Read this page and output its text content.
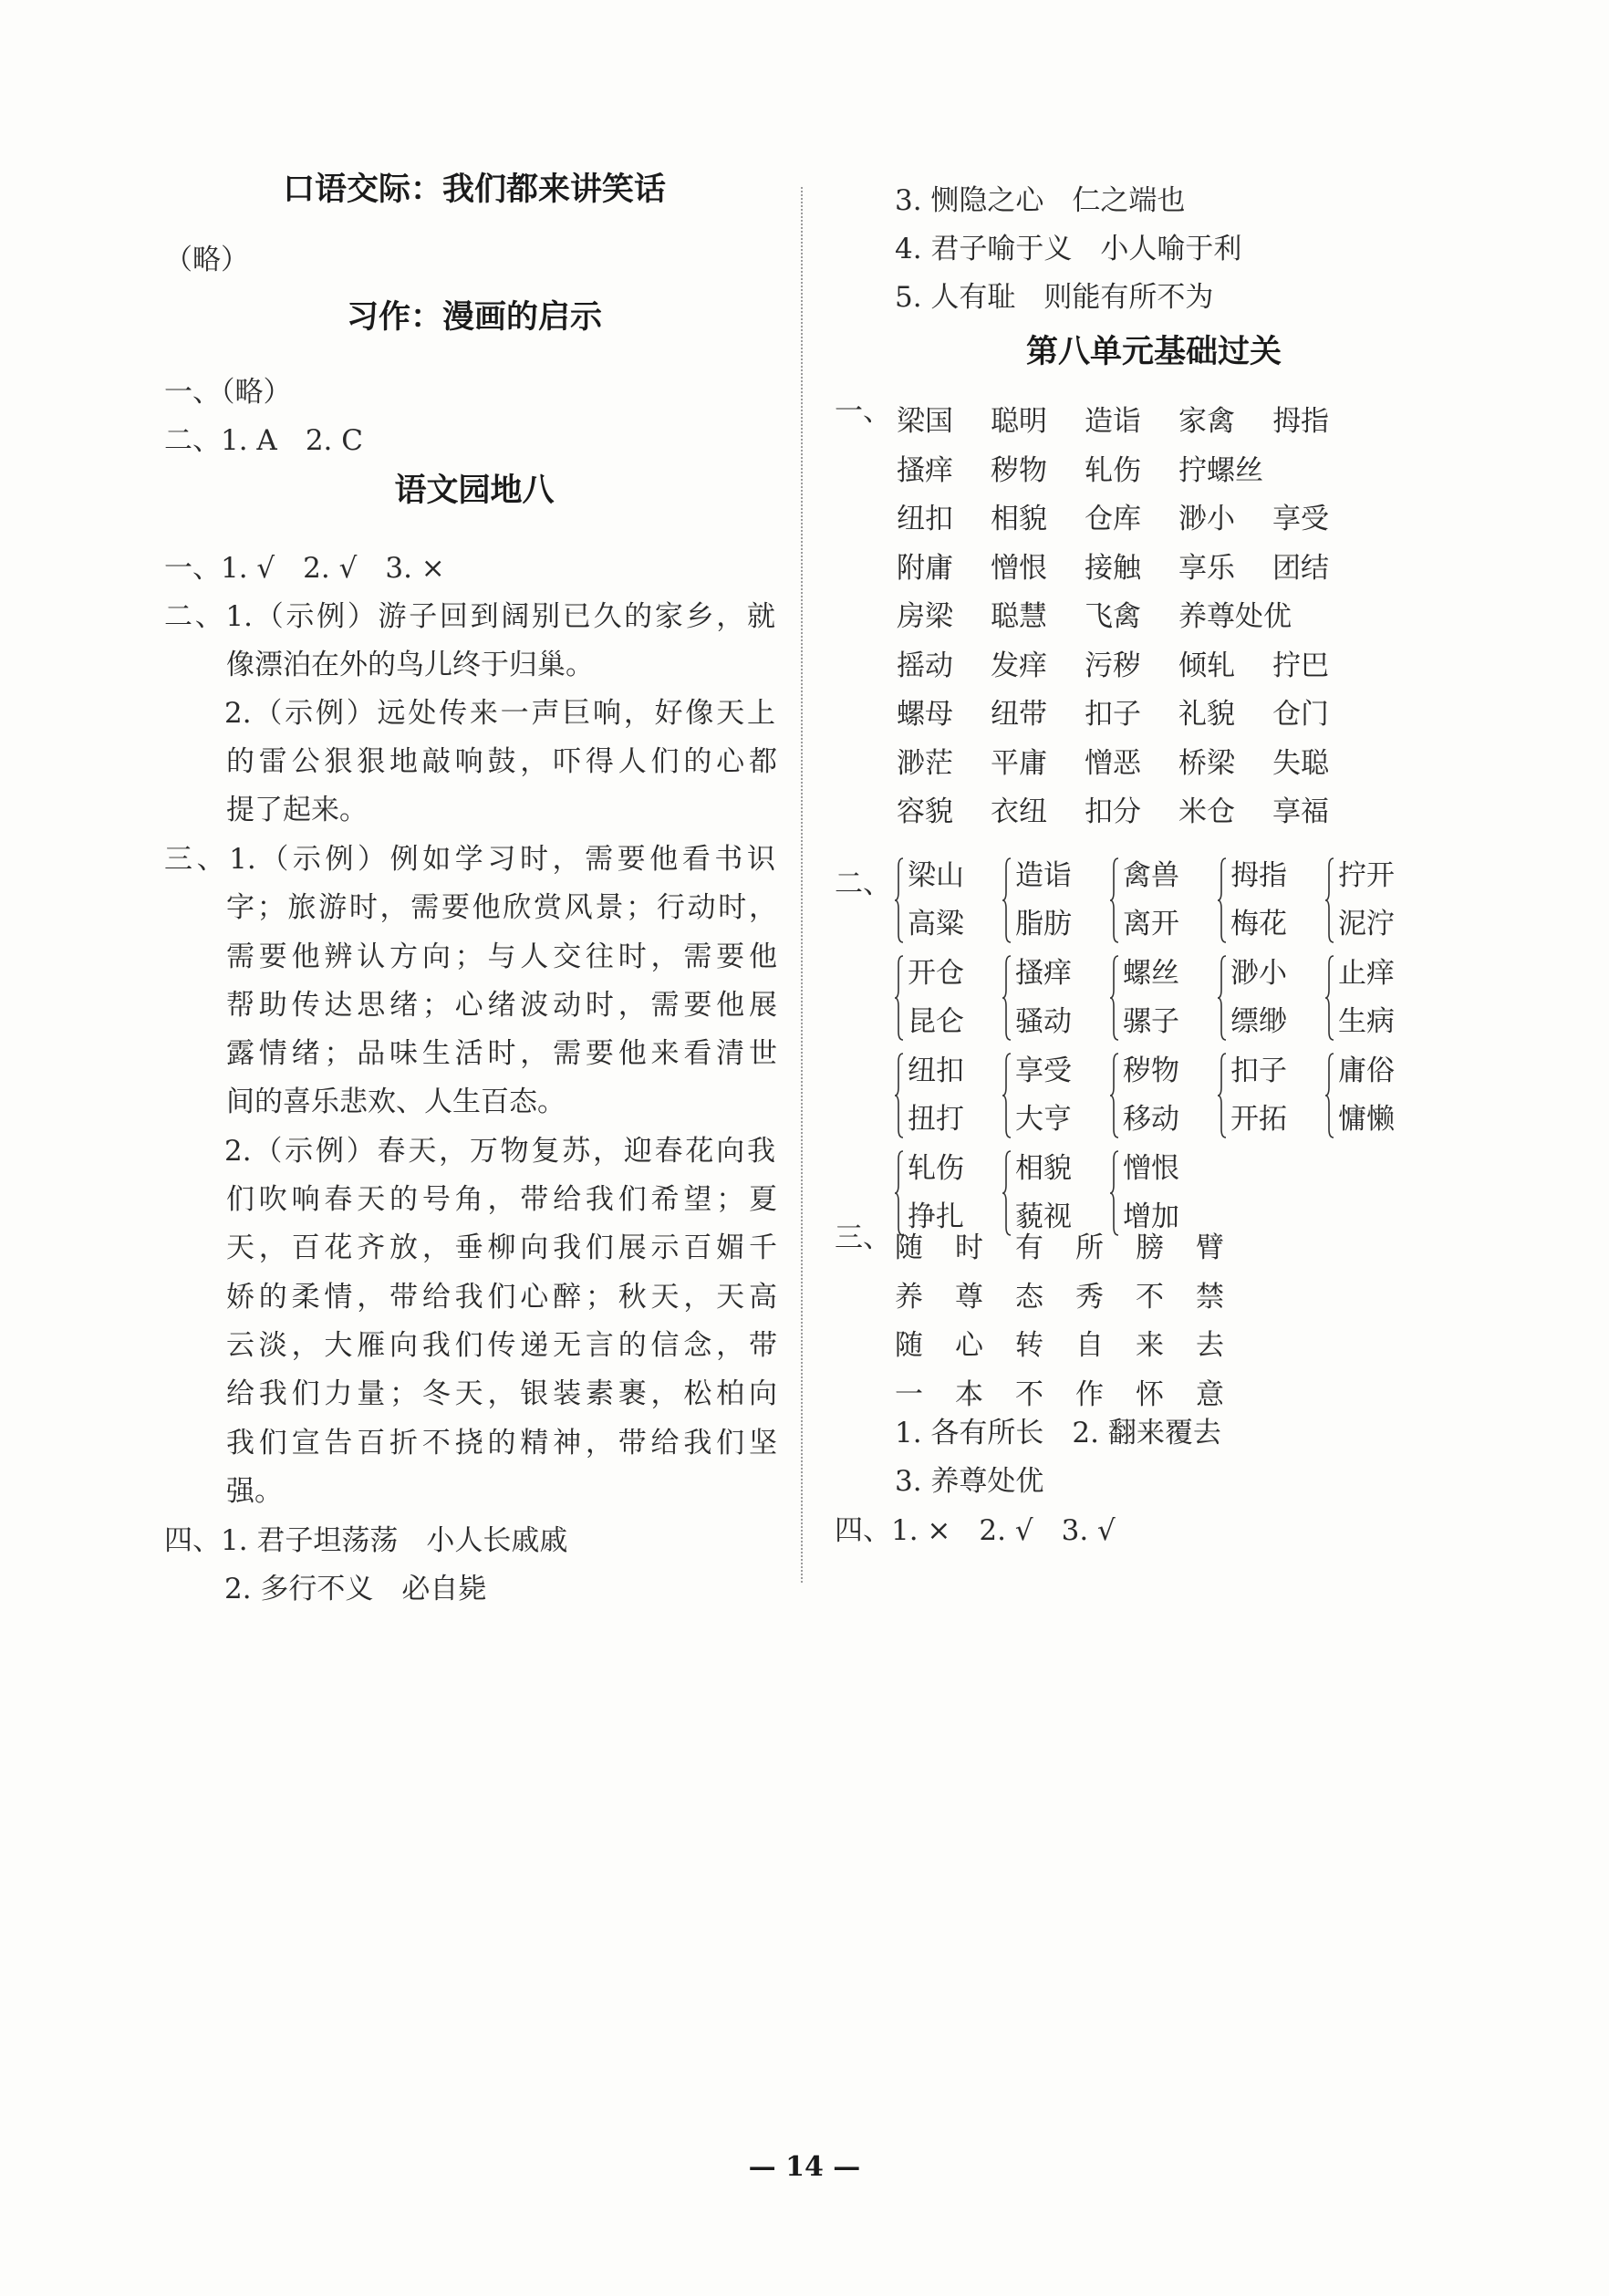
口语交际：我们都来讲笑话
（略）
习作：漫画的启示
一、（略）
二、1. A　2. C
语文园地八
一、1. √　2. √　3. ×
二、1.（示例）游子回到阔别已久的家乡，就
像漂泊在外的鸟儿终于归巢。
2.（示例）远处传来一声巨响，好像天上
的雷公狠狠地敲响鼓，吓得人们的心都
提了起来。
三、1.（示例）例如学习时，需要他看书识
字；旅游时，需要他欣赏风景；行动时，
需要他辨认方向；与人交往时，需要他
帮助传达思绪；心绪波动时，需要他展
露情绪；品味生活时，需要他来看清世
间的喜乐悲欢、人生百态。
2.（示例）春天，万物复苏，迎春花向我
们吹响春天的号角，带给我们希望；夏
天，百花齐放，垂柳向我们展示百媚千
娇的柔情，带给我们心醉；秋天，天高
云淡，大雁向我们传递无言的信念，带
给我们力量；冬天，银装素裹，松柏向
我们宣告百折不挠的精神，带给我们坚
强。
四、1. 君子坦荡荡　小人长戚戚
2. 多行不义　必自毙
3. 恻隐之心　仁之端也
4. 君子喻于义　小人喻于利
5. 人有耻　则能有所不为
第八单元基础过关
一、 梁国 聪明 造诣 家禽 拇指
搔痒 秽物 轧伤 拧螺丝
纽扣 相貌 仓库 渺小 享受
附庸 憎恨 接触 享乐 团结
房梁 聪慧 飞禽 养尊处优
摇动 发痒 污秽 倾轧 拧巴
螺母 纽带 扣子 礼貌 仓门
渺茫 平庸 憎恶 桥梁 失聪
容貌 衣纽 扣分 米仓 享福
二、 梁山
高粱
造诣
脂肪
禽兽
离开
拇指
梅花
拧开
泥泞
开仓
昆仑
搔痒
骚动
螺丝
骡子
渺小
缥缈
止痒
生病
纽扣
扭打
享受
大亨
秽物
移动
扣子
开拓
庸俗
慵懒
轧伤
挣扎
相貌
藐视
憎恨
增加
三、 随 时 有 所 膀 臂
养 尊 态 秀 不 禁
随 心 转 自 来 去
一 本 不 作 怀 意
1. 各有所长　2. 翻来覆去
3. 养尊处优
四、1. ×　2. √　3. √
— 14 —
